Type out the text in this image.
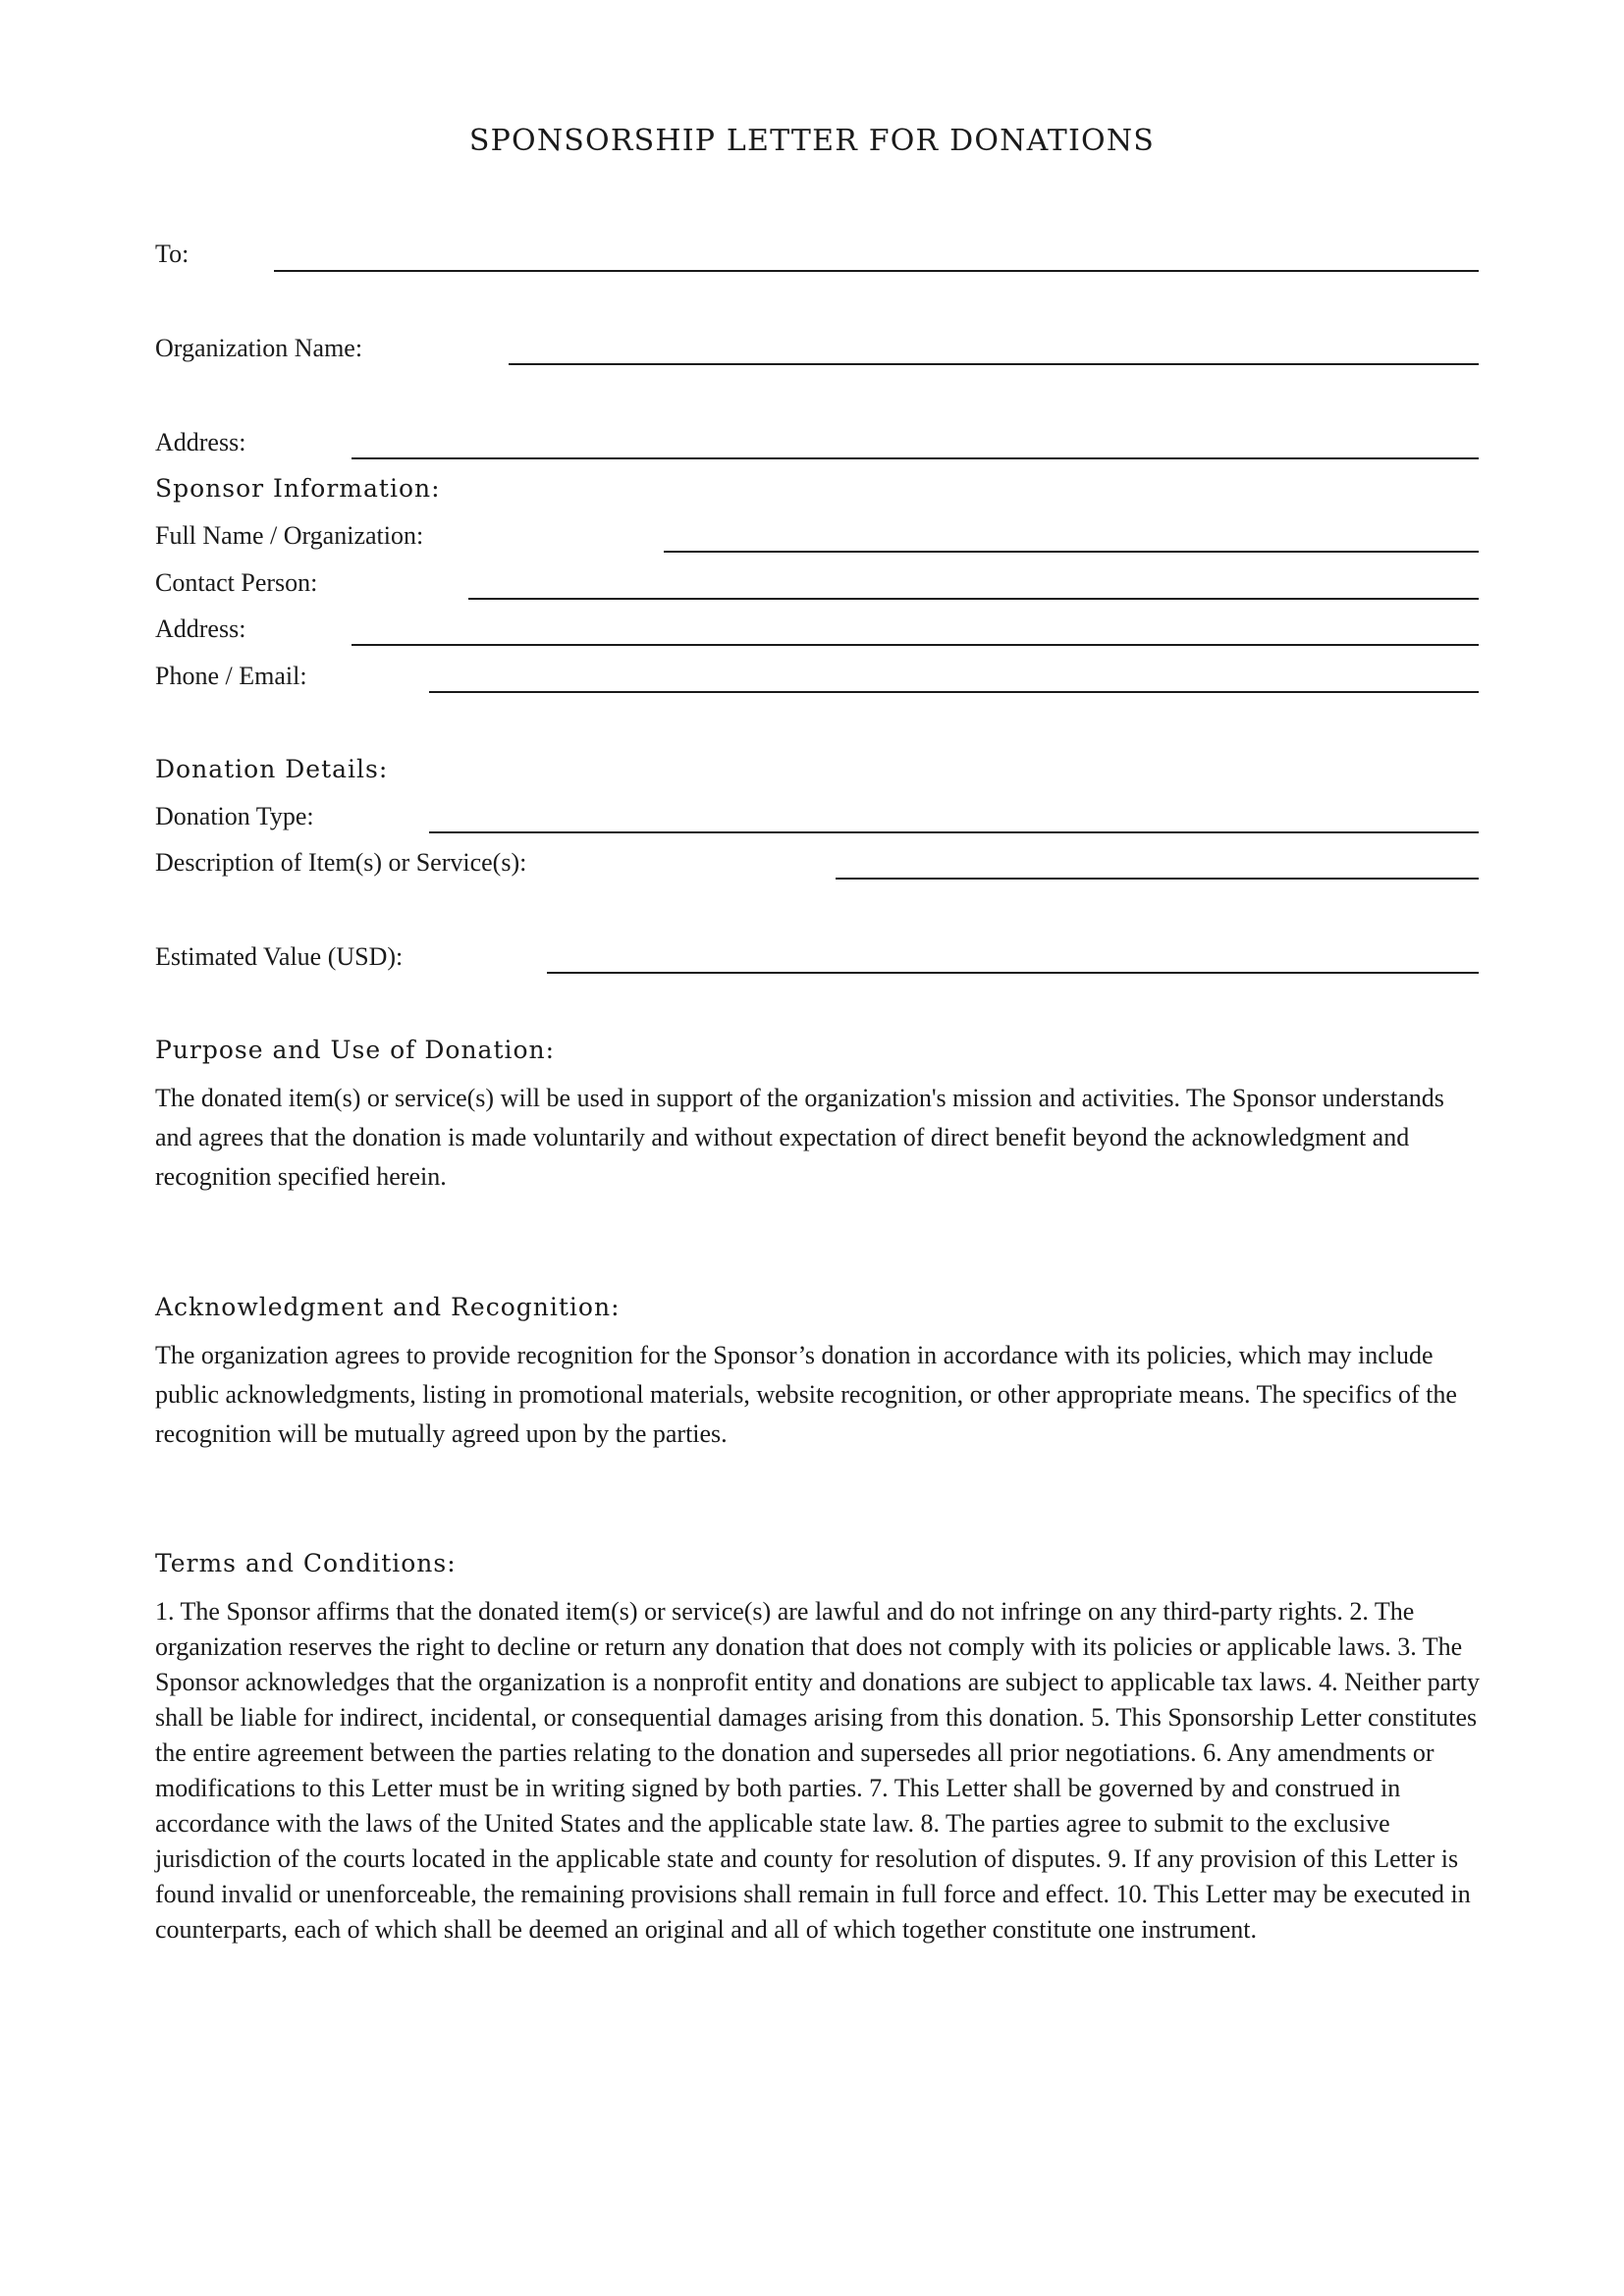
SPONSORSHIP LETTER FOR DONATIONS
To:
Organization Name:
Address:
Sponsor Information:
Full Name / Organization:
Contact Person:
Address:
Phone / Email:
Donation Details:
Donation Type:
Description of Item(s) or Service(s):
Estimated Value (USD):
Purpose and Use of Donation:

The donated item(s) or service(s) will be used in support of the organization's mission and activities. The Sponsor understands and agrees that the donation is made voluntarily and without expectation of direct benefit beyond the acknowledgment and recognition specified herein.

Acknowledgment and Recognition:

The organization agrees to provide recognition for the Sponsor’s donation in accordance with its policies, which may include public acknowledgments, listing in promotional materials, website recognition, or other appropriate means. The specifics of the recognition will be mutually agreed upon by the parties.

Terms and Conditions:

1. The Sponsor affirms that the donated item(s) or service(s) are lawful and do not infringe on any third-party rights. 2. The organization reserves the right to decline or return any donation that does not comply with its policies or applicable laws. 3. The Sponsor acknowledges that the organization is a nonprofit entity and donations are subject to applicable tax laws. 4. Neither party shall be liable for indirect, incidental, or consequential damages arising from this donation. 5. This Sponsorship Letter constitutes the entire agreement between the parties relating to the donation and supersedes all prior negotiations. 6. Any amendments or modifications to this Letter must be in writing signed by both parties. 7. This Letter shall be governed by and construed in accordance with the laws of the United States and the applicable state law. 8. The parties agree to submit to the exclusive jurisdiction of the courts located in the applicable state and county for resolution of disputes. 9. If any provision of this Letter is found invalid or unenforceable, the remaining provisions shall remain in full force and effect. 10. This Letter may be executed in counterparts, each of which shall be deemed an original and all of which together constitute one instrument.
